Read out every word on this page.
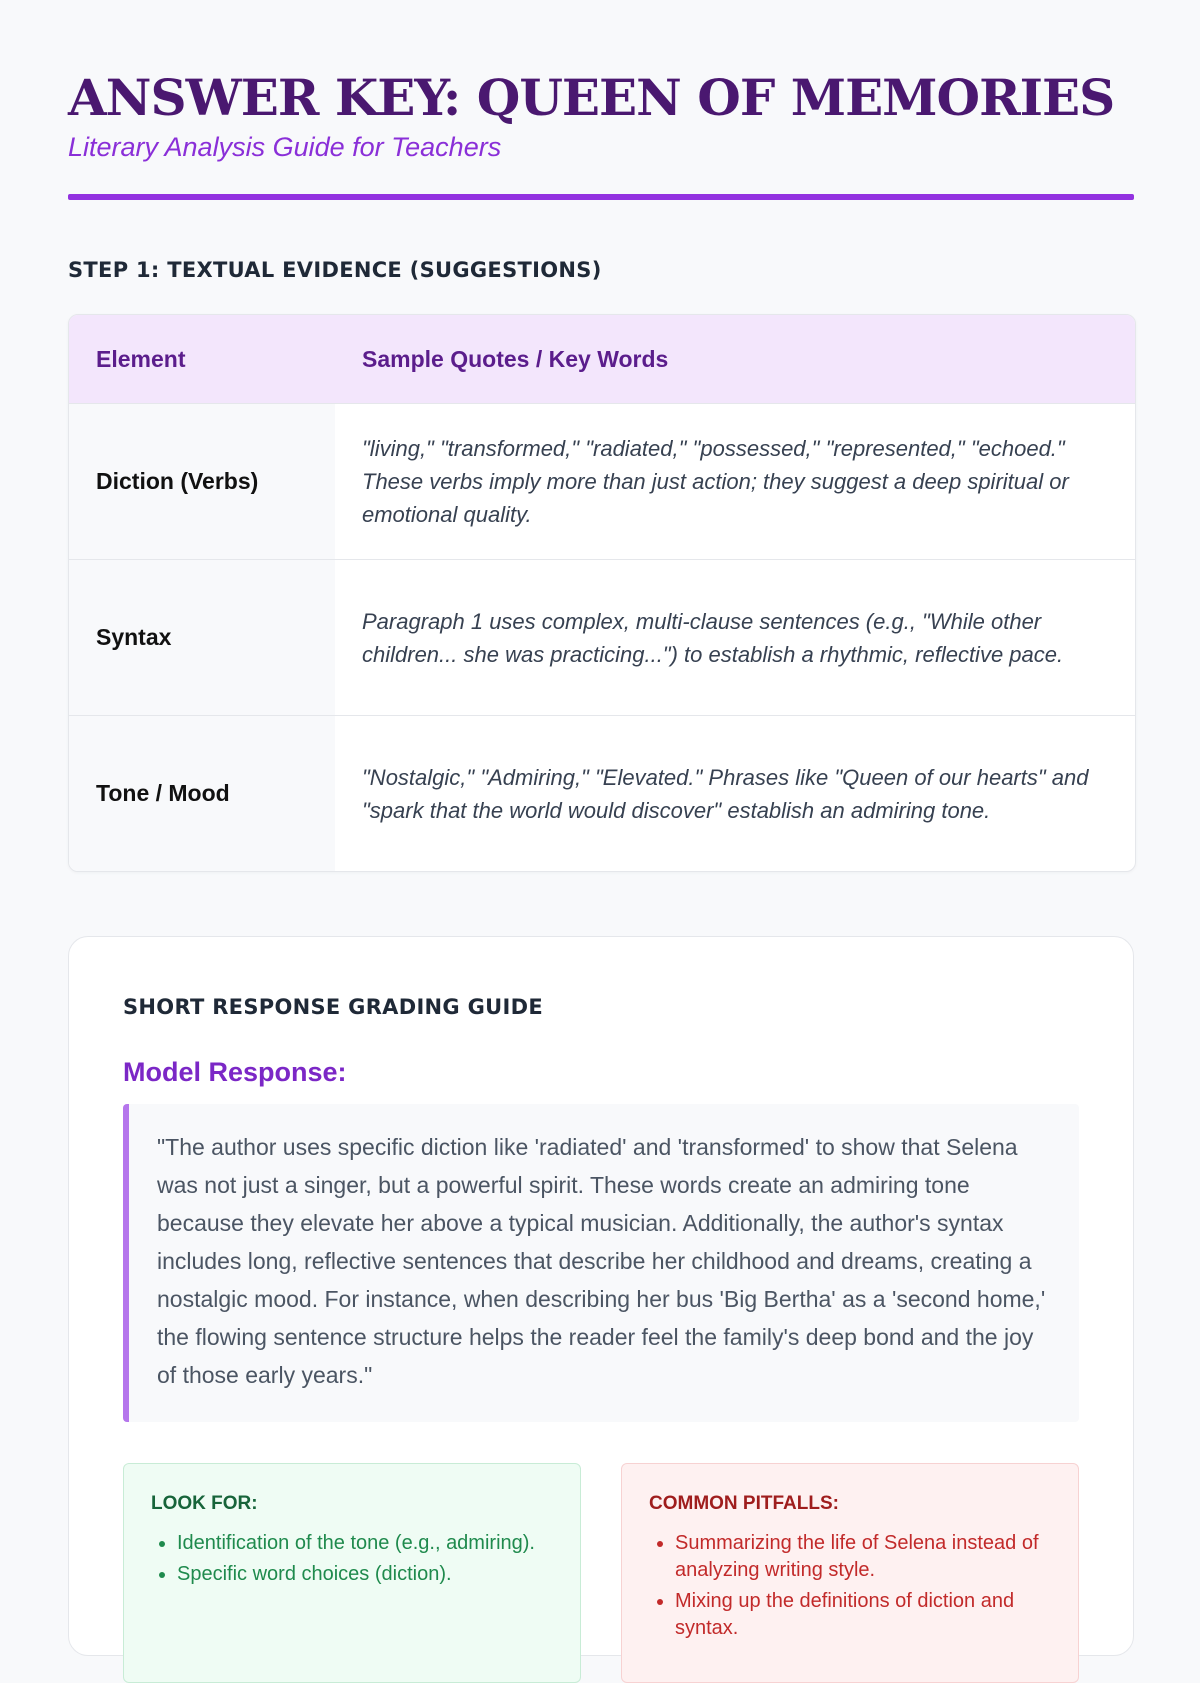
ANSWER KEY: QUEEN OF MEMORIES

Literary Analysis Guide for Teachers

STEP 1: TEXTUAL EVIDENCE (SUGGESTIONS)
Element	Sample Quotes / Key Words
Diction (Verbs)
"living," "transformed," "radiated," "possessed," "represented," "echoed." These verbs imply more than just action; they suggest a deep spiritual or emotional quality.
Syntax
Paragraph 1 uses complex, multi-clause sentences (e.g., "While other children... she was practicing...") to establish a rhythmic, reflective pace.
Tone / Mood
"Nostalgic," "Admiring," "Elevated." Phrases like "Queen of our hearts" and "spark that the world would discover" establish an admiring tone.
SHORT RESPONSE GRADING GUIDE
Model Response:
"The author uses specific diction like 'radiated' and 'transformed' to show that Selena was not just a singer, but a powerful spirit. These words create an admiring tone because they elevate her above a typical musician. Additionally, the author's syntax includes long, reflective sentences that describe her childhood and dreams, creating a nostalgic mood. For instance, when describing her bus 'Big Bertha' as a 'second home,' the flowing sentence structure helps the reader feel the family's deep bond and the joy of those early years."

LOOK FOR:

• Identification of the tone (e.g., admiring).
• Specific word choices (diction).

COMMON PITFALLS:

• Summarizing the life of Selena instead of analyzing writing style.
• Mixing up the definitions of diction and syntax.
